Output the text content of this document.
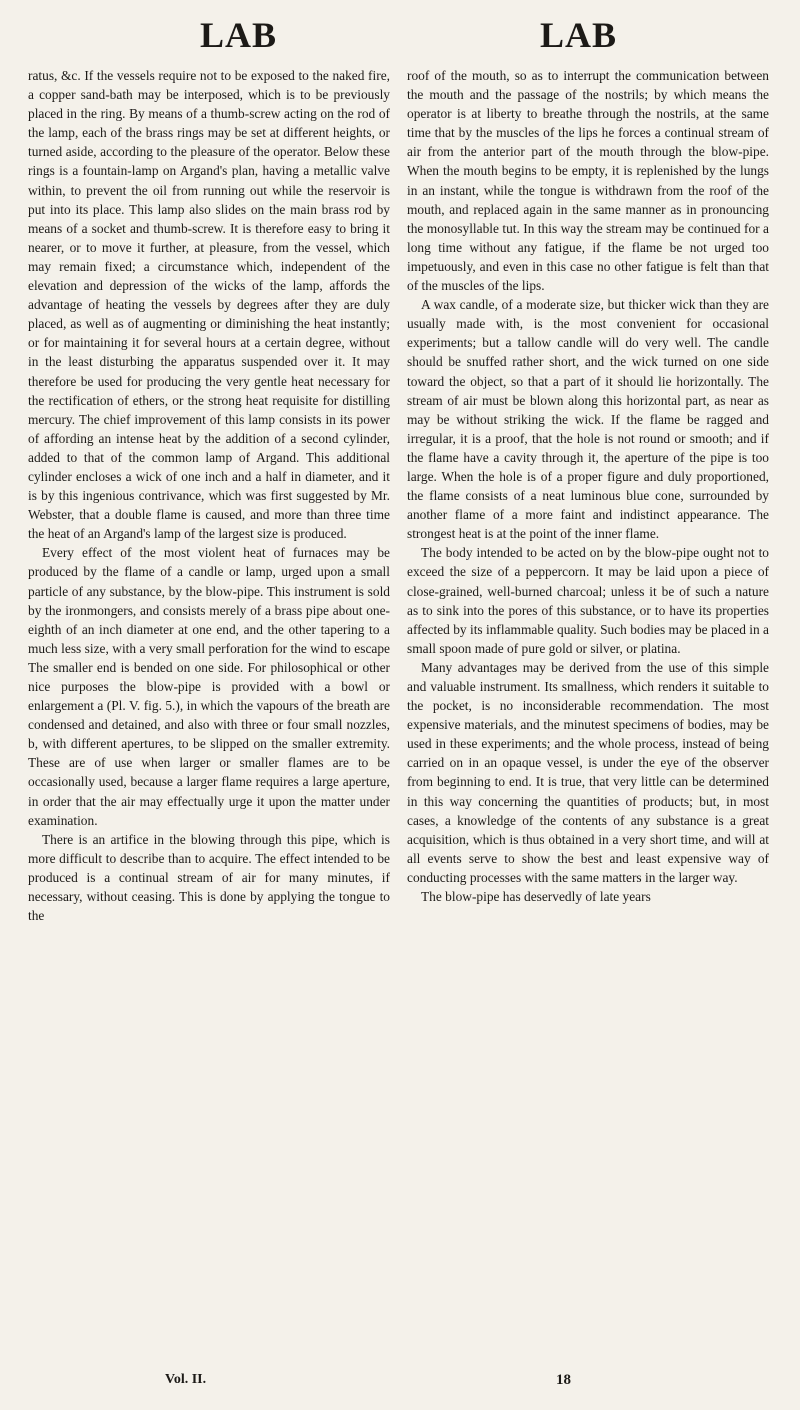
LAB	LAB

ratus, &c. If the vessels require not to be exposed to the naked fire, a copper sand-bath may be interposed, which is to be previously placed in the ring. By means of a thumb-screw acting on the rod of the lamp, each of the brass rings may be set at different heights, or turned aside, according to the pleasure of the operator. Below these rings is a fountain-lamp on Argand's plan, having a metallic valve within, to prevent the oil from running out while the reservoir is put into its place. This lamp also slides on the main brass rod by means of a socket and thumb-screw. It is therefore easy to bring it nearer, or to move it further, at pleasure, from the vessel, which may remain fixed; a circumstance which, independent of the elevation and depression of the wicks of the lamp, affords the advantage of heating the vessels by degrees after they are duly placed, as well as of augmenting or diminishing the heat instantly; or for maintaining it for several hours at a certain degree, without in the least disturbing the apparatus suspended over it. It may therefore be used for producing the very gentle heat necessary for the rectification of ethers, or the strong heat requisite for distilling mercury. The chief improvement of this lamp consists in its power of affording an intense heat by the addition of a second cylinder, added to that of the common lamp of Argand. This additional cylinder encloses a wick of one inch and a half in diameter, and it is by this ingenious contrivance, which was first suggested by Mr. Webster, that a double flame is caused, and more than three time the heat of an Argand's lamp of the largest size is produced.

Every effect of the most violent heat of furnaces may be produced by the flame of a candle or lamp, urged upon a small particle of any substance, by the blow-pipe. This instrument is sold by the ironmongers, and consists merely of a brass pipe about one-eighth of an inch diameter at one end, and the other tapering to a much less size, with a very small perforation for the wind to escape The smaller end is bended on one side. For philosophical or other nice purposes the blow-pipe is provided with a bowl or enlargement a (Pl. V. fig. 5.), in which the vapours of the breath are condensed and detained, and also with three or four small nozzles, b, with different apertures, to be slipped on the smaller extremity. These are of use when larger or smaller flames are to be occasionally used, because a larger flame requires a large aperture, in order that the air may effectually urge it upon the matter under examination.

There is an artifice in the blowing through this pipe, which is more difficult to describe than to acquire. The effect intended to be produced is a continual stream of air for many minutes, if necessary, without ceasing. This is done by applying the tongue to the

roof of the mouth, so as to interrupt the communication between the mouth and the passage of the nostrils; by which means the operator is at liberty to breathe through the nostrils, at the same time that by the muscles of the lips he forces a continual stream of air from the anterior part of the mouth through the blow-pipe. When the mouth begins to be empty, it is replenished by the lungs in an instant, while the tongue is withdrawn from the roof of the mouth, and replaced again in the same manner as in pronouncing the monosyllable tut. In this way the stream may be continued for a long time without any fatigue, if the flame be not urged too impetuously, and even in this case no other fatigue is felt than that of the muscles of the lips.

A wax candle, of a moderate size, but thicker wick than they are usually made with, is the most convenient for occasional experiments; but a tallow candle will do very well. The candle should be snuffed rather short, and the wick turned on one side toward the object, so that a part of it should lie horizontally. The stream of air must be blown along this horizontal part, as near as may be without striking the wick. If the flame be ragged and irregular, it is a proof, that the hole is not round or smooth; and if the flame have a cavity through it, the aperture of the pipe is too large. When the hole is of a proper figure and duly proportioned, the flame consists of a neat luminous blue cone, surrounded by another flame of a more faint and indistinct appearance. The strongest heat is at the point of the inner flame.

The body intended to be acted on by the blow-pipe ought not to exceed the size of a peppercorn. It may be laid upon a piece of close-grained, well-burned charcoal; unless it be of such a nature as to sink into the pores of this substance, or to have its properties affected by its inflammable quality. Such bodies may be placed in a small spoon made of pure gold or silver, or platina.

Many advantages may be derived from the use of this simple and valuable instrument. Its smallness, which renders it suitable to the pocket, is no inconsiderable recommendation. The most expensive materials, and the minutest specimens of bodies, may be used in these experiments; and the whole process, instead of being carried on in an opaque vessel, is under the eye of the observer from beginning to end. It is true, that very little can be determined in this way concerning the quantities of products; but, in most cases, a knowledge of the contents of any substance is a great acquisition, which is thus obtained in a very short time, and will at all events serve to show the best and least expensive way of conducting processes with the same matters in the larger way.

The blow-pipe has deservedly of late years

Vol. II.	18
